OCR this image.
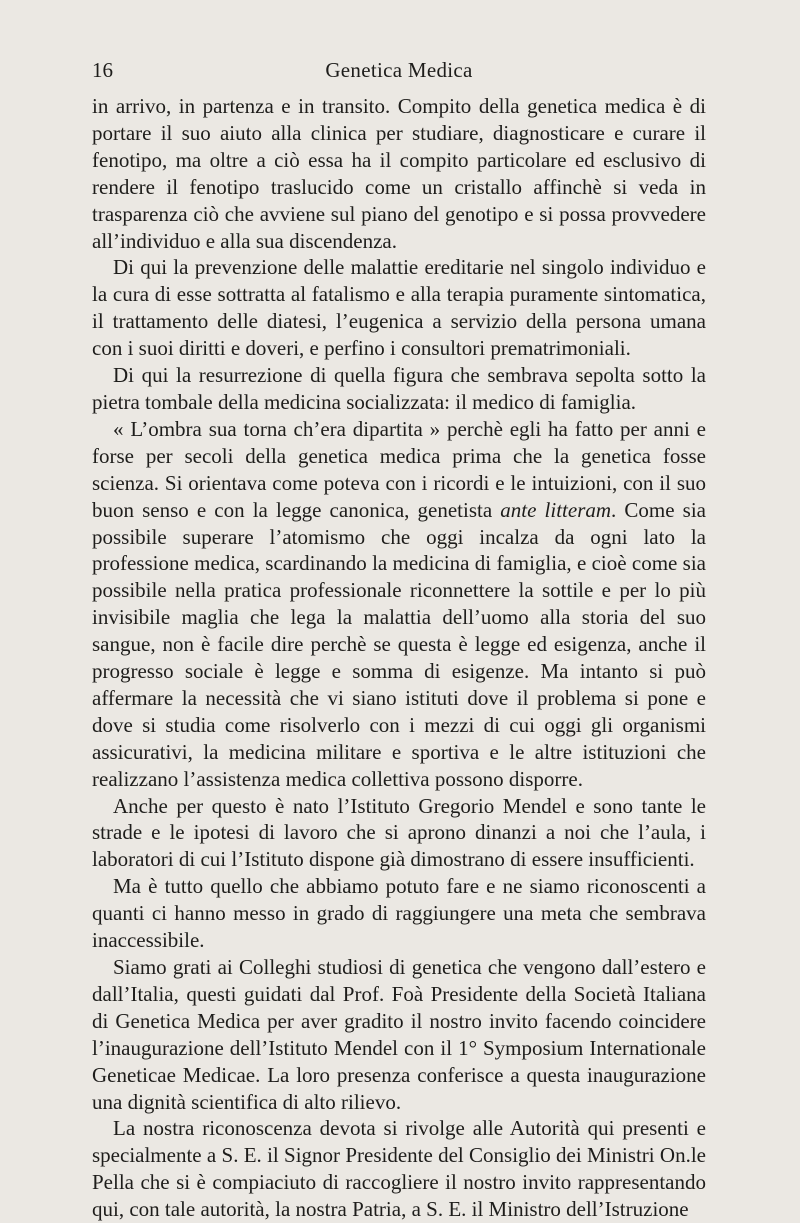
16	Genetica Medica

in arrivo, in partenza e in transito. Compito della genetica medica è di portare il suo aiuto alla clinica per studiare, diagnosticare e curare il fenotipo, ma oltre a ciò essa ha il compito particolare ed esclusivo di rendere il fenotipo traslucido come un cristallo affinchè si veda in trasparenza ciò che avviene sul piano del genotipo e si possa provvedere all’individuo e alla sua discendenza.

Di qui la prevenzione delle malattie ereditarie nel singolo individuo e la cura di esse sottratta al fatalismo e alla terapia puramente sintomatica, il trattamento delle diatesi, l’eugenica a servizio della persona umana con i suoi diritti e doveri, e perfino i consultori prematrimoniali.

Di qui la resurrezione di quella figura che sembrava sepolta sotto la pietra tombale della medicina socializzata: il medico di famiglia.

« L’ombra sua torna ch’era dipartita » perchè egli ha fatto per anni e forse per secoli della genetica medica prima che la genetica fosse scienza. Si orientava come poteva con i ricordi e le intuizioni, con il suo buon senso e con la legge canonica, genetista ante litteram. Come sia possibile superare l’atomismo che oggi incalza da ogni lato la professione medica, scardinando la medicina di famiglia, e cioè come sia possibile nella pratica professionale riconnettere la sottile e per lo più invisibile maglia che lega la malattia dell’uomo alla storia del suo sangue, non è facile dire perchè se questa è legge ed esigenza, anche il progresso sociale è legge e somma di esigenze. Ma intanto si può affermare la necessità che vi siano istituti dove il problema si pone e dove si studia come risolverlo con i mezzi di cui oggi gli organismi assicurativi, la medicina militare e sportiva e le altre istituzioni che realizzano l’assistenza medica collettiva possono disporre.

Anche per questo è nato l’Istituto Gregorio Mendel e sono tante le strade e le ipotesi di lavoro che si aprono dinanzi a noi che l’aula, i laboratori di cui l’Istituto dispone già dimostrano di essere insufficienti.

Ma è tutto quello che abbiamo potuto fare e ne siamo riconoscenti a quanti ci hanno messo in grado di raggiungere una meta che sembrava inaccessibile.

Siamo grati ai Colleghi studiosi di genetica che vengono dall’estero e dall’Italia, questi guidati dal Prof. Foà Presidente della Società Italiana di Genetica Medica per aver gradito il nostro invito facendo coincidere l’inaugurazione dell’Istituto Mendel con il 1° Symposium Internationale Geneticae Medicae. La loro presenza conferisce a questa inaugurazione una dignità scientifica di alto rilievo.

La nostra riconoscenza devota si rivolge alle Autorità qui presenti e specialmente a S. E. il Signor Presidente del Consiglio dei Ministri On.le Pella che si è compiaciuto di raccogliere il nostro invito rappresentando qui, con tale autorità, la nostra Patria, a S. E. il Ministro dell’Istruzione
